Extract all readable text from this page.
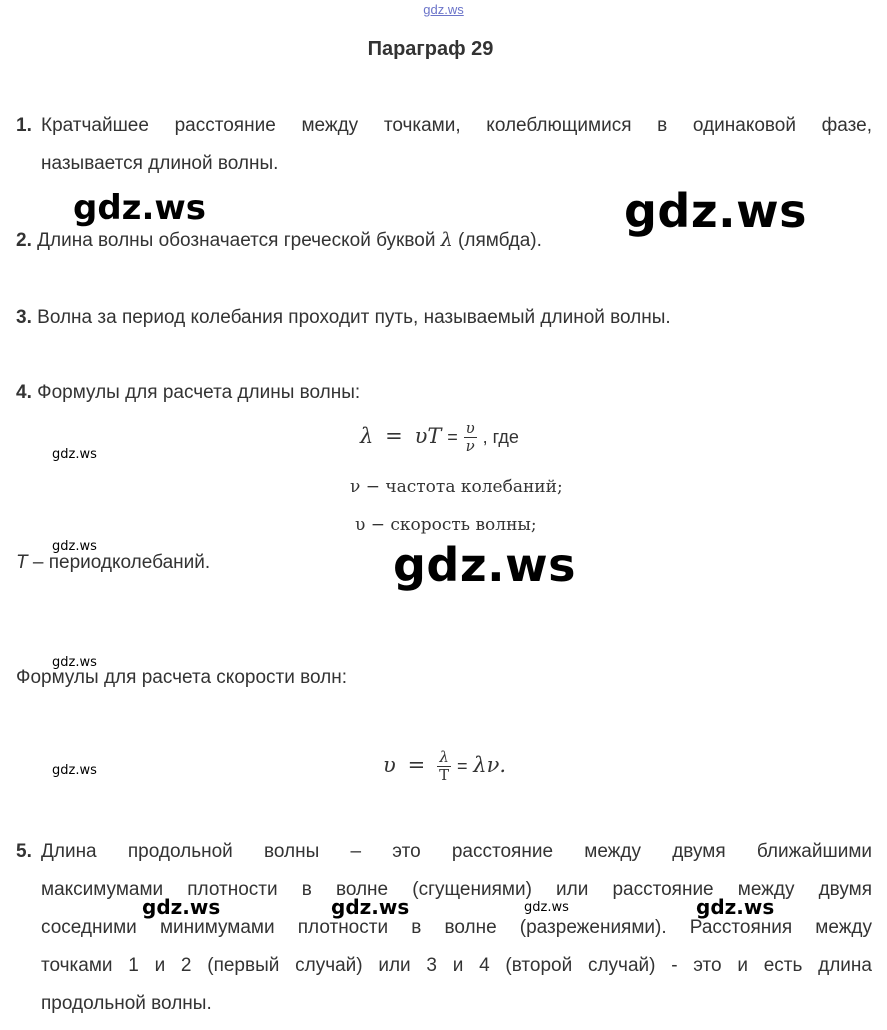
gdz.ws
Параграф 29
1. Кратчайшее расстояние между точками, колеблющимися в одинаковой фазе,
называется длиной волны.
2. Длина волны обозначается греческой буквой λ (лямбда).
3. Волна за период колебания проходит путь, называемый длиной волны.
4. Формулы для расчета длины волны:
$\lambda = \upsilon T = \frac{\upsilon}{\nu}$ , где
ν − частота колебаний;
υ − скорость волны;
T – периодколебаний.
Формулы для расчета скорости волн:
$\upsilon = \frac{\lambda}{T} = \lambda\nu$.
5. Длина продольной волны – это расстояние между двумя ближайшими
максимумами плотности в волне (сгущениями) или расстояние между двумя
соседними минимумами плотности в волне (разрежениями). Расстояния между
точками 1 и 2 (первый случай) или 3 и 4 (второй случай) - это и есть длина
продольной волны.
gdz.ws	gdz.ws
gdz.ws
gdz.ws	gdz.ws
gdz.ws
gdz.ws
gdz.ws	gdz.ws	gdz.ws	gdz.ws
